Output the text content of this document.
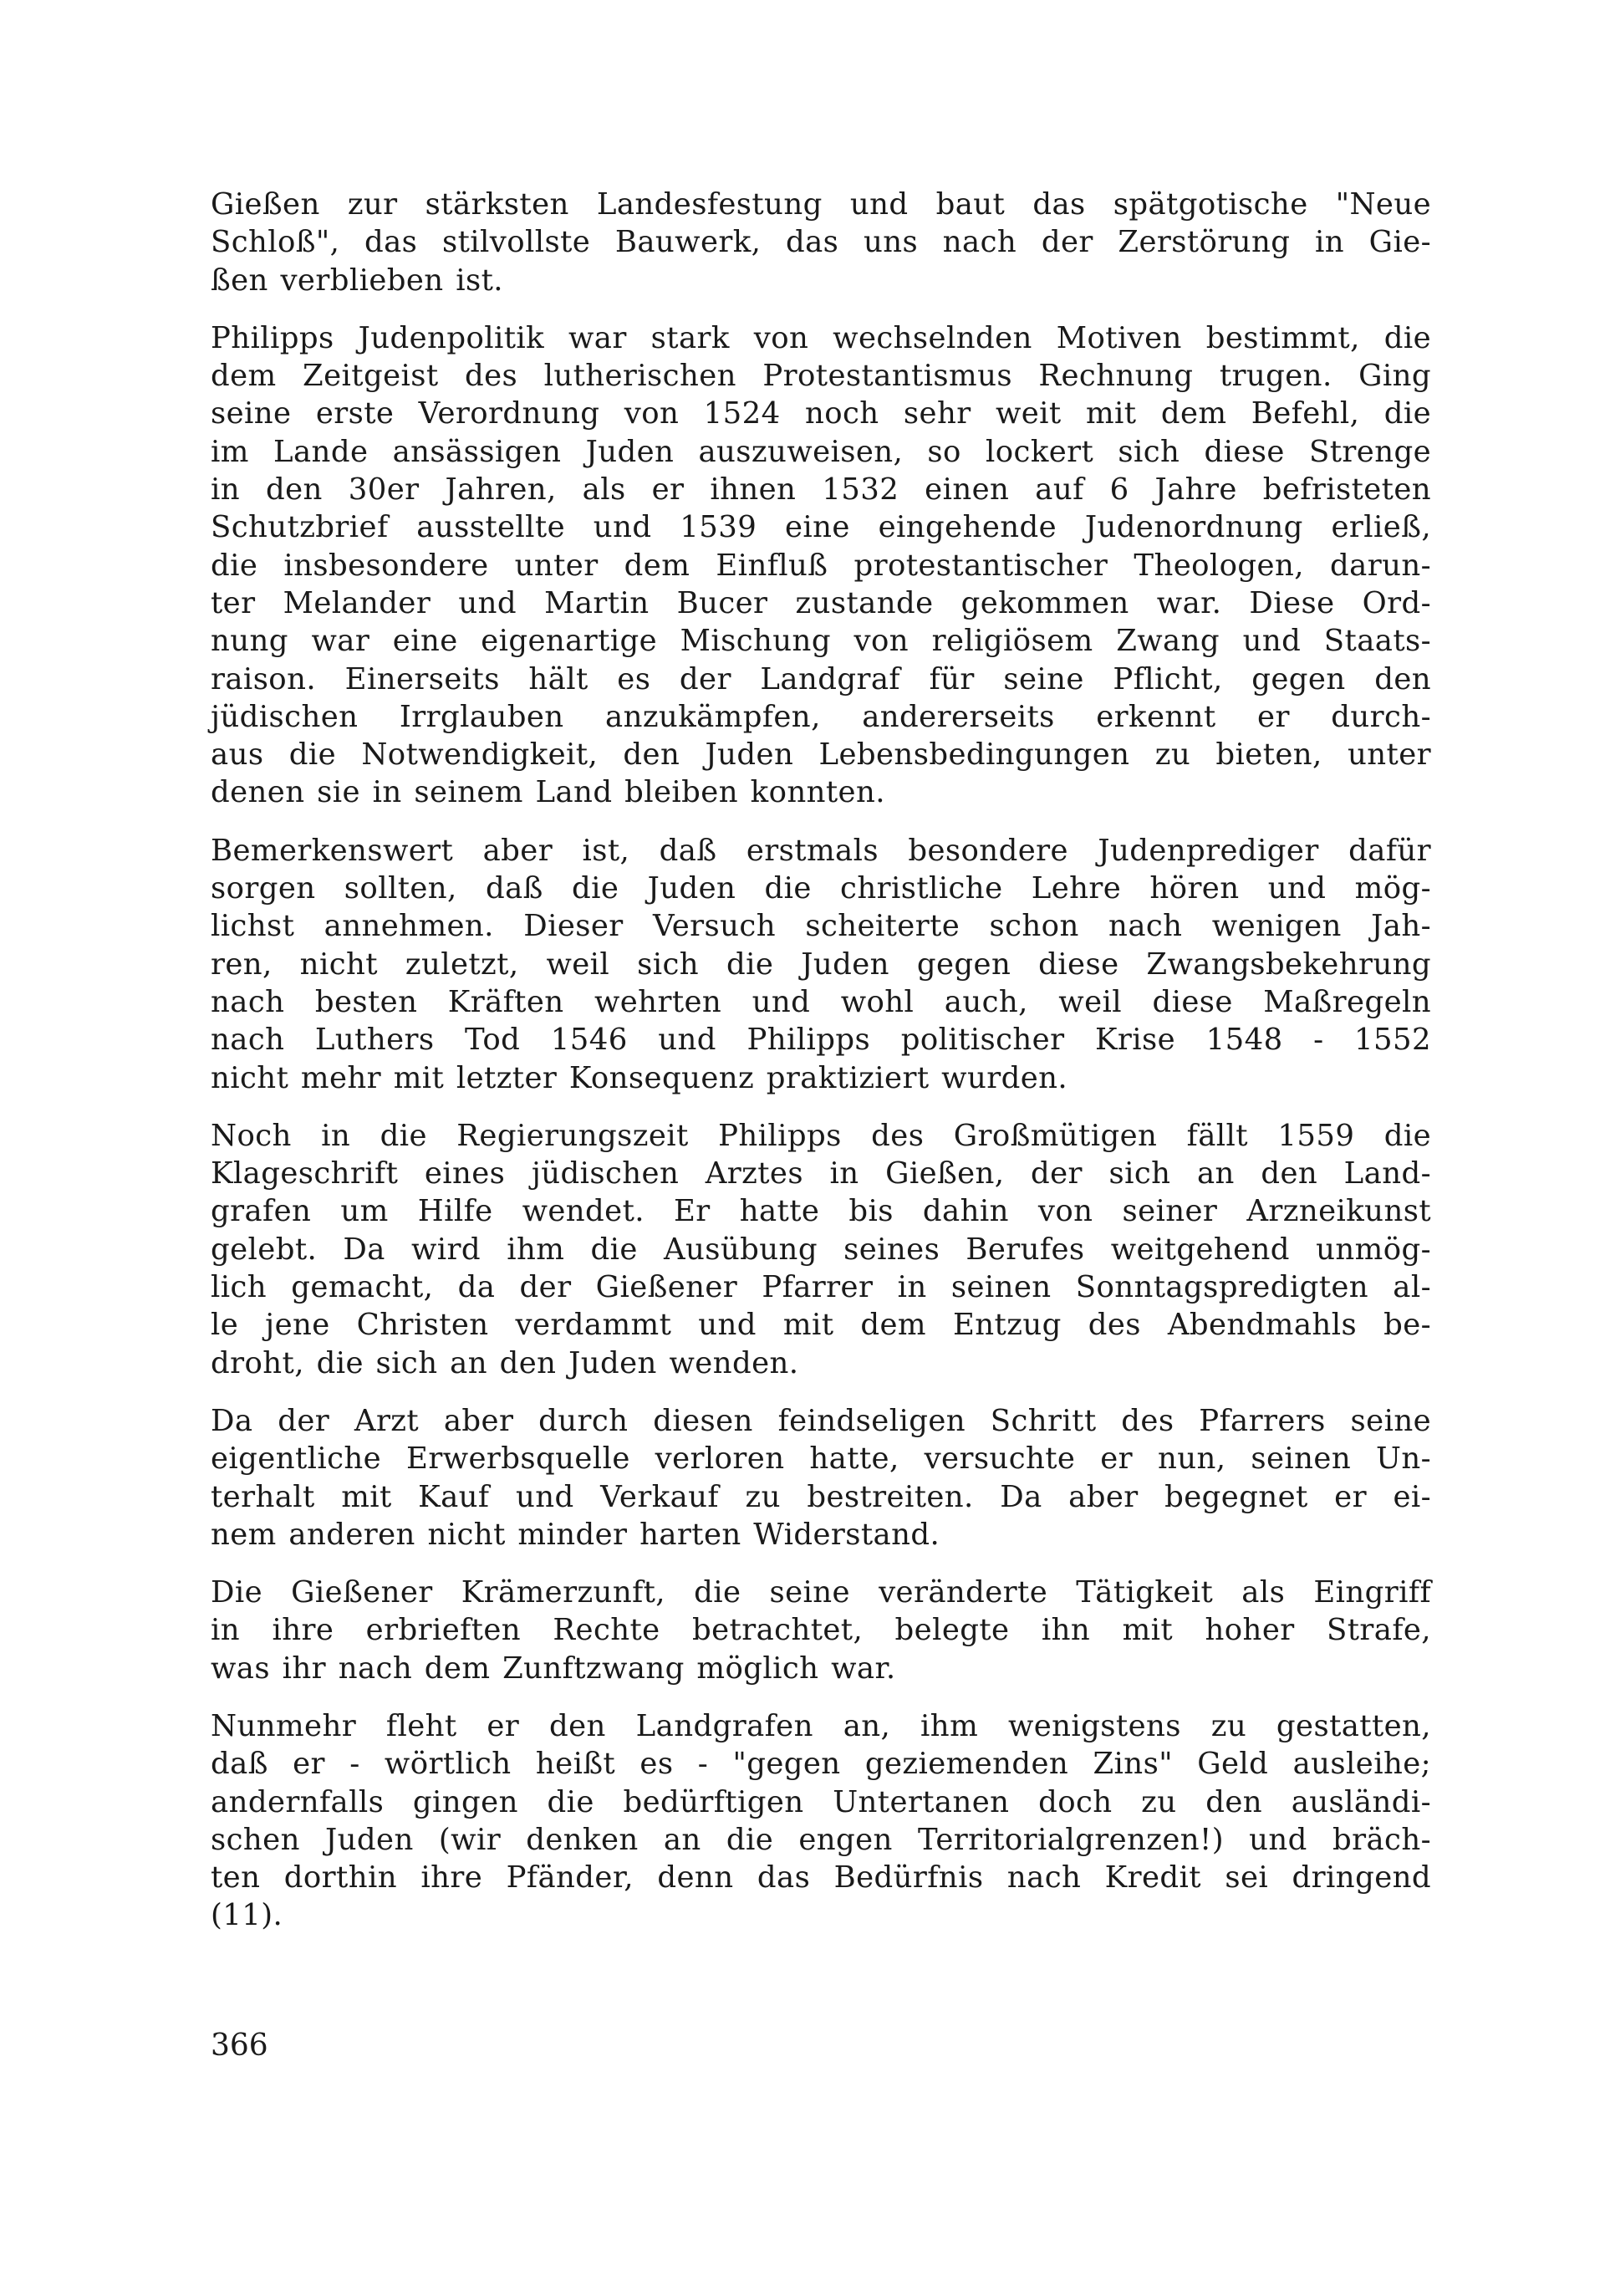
Gießen zur stärksten Landesfestung und baut das spätgotische "Neue
Schloß", das stilvollste Bauwerk, das uns nach der Zerstörung in Gie-
ßen verblieben ist.

Philipps Judenpolitik war stark von wechselnden Motiven bestimmt, die
dem Zeitgeist des lutherischen Protestantismus Rechnung trugen. Ging
seine erste Verordnung von 1524 noch sehr weit mit dem Befehl, die
im Lande ansässigen Juden auszuweisen, so lockert sich diese Strenge
in den 30er Jahren, als er ihnen 1532 einen auf 6 Jahre befristeten
Schutzbrief ausstellte und 1539 eine eingehende Judenordnung erließ,
die insbesondere unter dem Einfluß protestantischer Theologen, darun-
ter Melander und Martin Bucer zustande gekommen war. Diese Ord-
nung war eine eigenartige Mischung von religiösem Zwang und Staats-
raison. Einerseits hält es der Landgraf für seine Pflicht, gegen den
jüdischen Irrglauben anzukämpfen, andererseits erkennt er durch-
aus die Notwendigkeit, den Juden Lebensbedingungen zu bieten, unter
denen sie in seinem Land bleiben konnten.

Bemerkenswert aber ist, daß erstmals besondere Judenprediger dafür
sorgen sollten, daß die Juden die christliche Lehre hören und mög-
lichst annehmen. Dieser Versuch scheiterte schon nach wenigen Jah-
ren, nicht zuletzt, weil sich die Juden gegen diese Zwangsbekehrung
nach besten Kräften wehrten und wohl auch, weil diese Maßregeln
nach Luthers Tod 1546 und Philipps politischer Krise 1548 - 1552
nicht mehr mit letzter Konsequenz praktiziert wurden.

Noch in die Regierungszeit Philipps des Großmütigen fällt 1559 die
Klageschrift eines jüdischen Arztes in Gießen, der sich an den Land-
grafen um Hilfe wendet. Er hatte bis dahin von seiner Arzneikunst
gelebt. Da wird ihm die Ausübung seines Berufes weitgehend unmög-
lich gemacht, da der Gießener Pfarrer in seinen Sonntagspredigten al-
le jene Christen verdammt und mit dem Entzug des Abendmahls be-
droht, die sich an den Juden wenden.

Da der Arzt aber durch diesen feindseligen Schritt des Pfarrers seine
eigentliche Erwerbsquelle verloren hatte, versuchte er nun, seinen Un-
terhalt mit Kauf und Verkauf zu bestreiten. Da aber begegnet er ei-
nem anderen nicht minder harten Widerstand.

Die Gießener Krämerzunft, die seine veränderte Tätigkeit als Eingriff
in ihre erbrieften Rechte betrachtet, belegte ihn mit hoher Strafe,
was ihr nach dem Zunftzwang möglich war.

Nunmehr fleht er den Landgrafen an, ihm wenigstens zu gestatten,
daß er - wörtlich heißt es - "gegen geziemenden Zins" Geld ausleihe;
andernfalls gingen die bedürftigen Untertanen doch zu den ausländi-
schen Juden (wir denken an die engen Territorialgrenzen!) und bräch-
ten dorthin ihre Pfänder, denn das Bedürfnis nach Kredit sei dringend
(11).

366
